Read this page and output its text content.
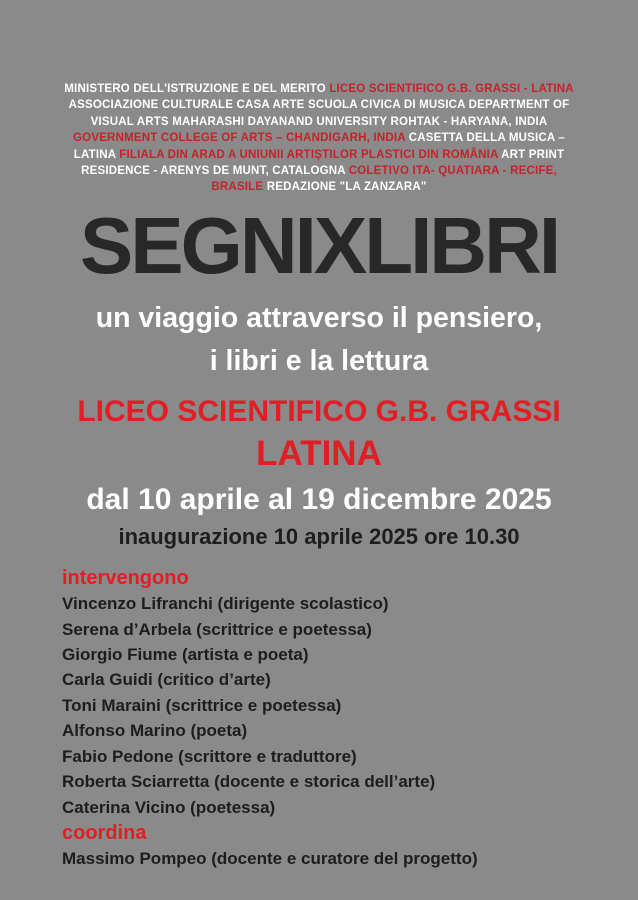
MINISTERO DELL'ISTRUZIONE E DEL MERITO LICEO SCIENTIFICO G.B. GRASSI - LATINA
ASSOCIAZIONE CULTURALE CASA ARTE SCUOLA CIVICA DI MUSICA DEPARTMENT OF
VISUAL ARTS MAHARASHI DAYANAND UNIVERSITY ROHTAK - HARYANA, INDIA
GOVERNMENT COLLEGE OF ARTS – CHANDIGARH, INDIA CASETTA DELLA MUSICA –
LATINA FILIALA DIN ARAD A UNIUNII ARTIŞTILOR PLASTICI DIN ROMÂNIA ART PRINT
RESIDENCE - ARENYS DE MUNT, CATALOGNA COLETIVO ITA- QUATIARA - RECIFE,
BRASILE REDAZIONE "LA ZANZARA"
SEGNIXLIBRI
un viaggio attraverso il pensiero,
i libri e la lettura
LICEO SCIENTIFICO G.B. GRASSI
LATINA
dal 10 aprile al 19 dicembre 2025
inaugurazione 10 aprile 2025 ore 10.30
intervengono
Vincenzo Lifranchi (dirigente scolastico)
Serena d’Arbela (scrittrice e poetessa)
Giorgio Fiume (artista e poeta)
Carla Guidi (critico d’arte)
Toni Maraini (scrittrice e poetessa)
Alfonso Marino (poeta)
Fabio Pedone (scrittore e traduttore)
Roberta Sciarretta (docente e storica dell’arte)
Caterina Vicino (poetessa)
coordina
Massimo Pompeo (docente e curatore del progetto)
